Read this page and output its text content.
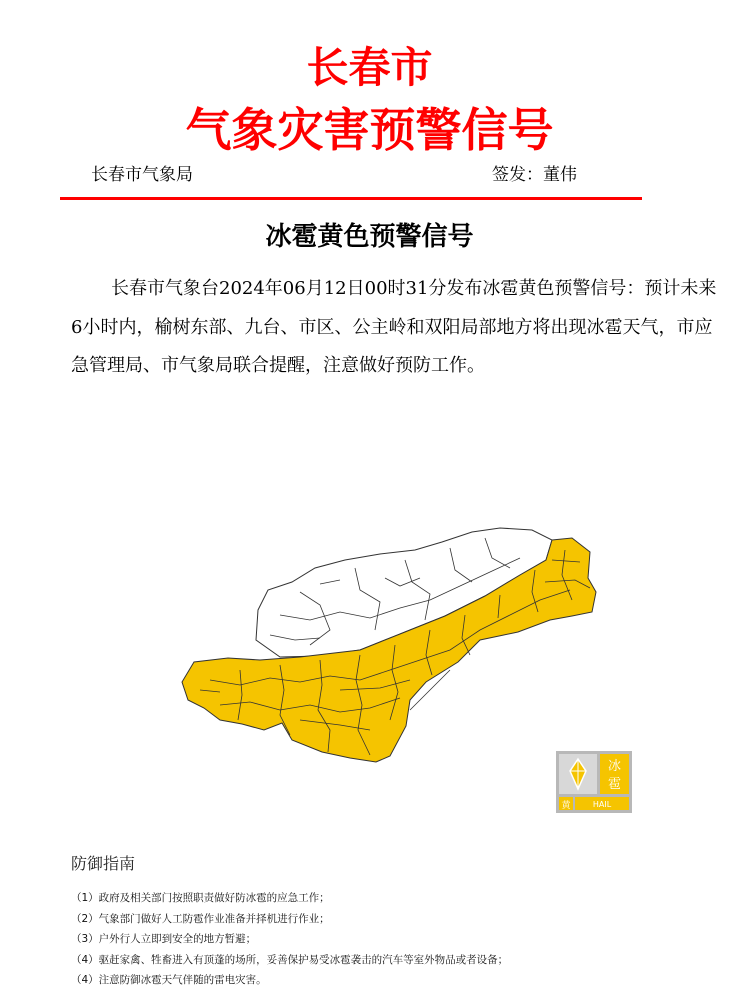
长春市
气象灾害预警信号
长春市气象局	签发：董伟
冰雹黄色预警信号

长春市气象台2024年06月12日00时31分发布冰雹黄色预警信号：预计未来6小时内，榆树东部、九台、市区、公主岭和双阳局部地方将出现冰雹天气，市应急管理局、市气象局联合提醒，注意做好预防工作。

冰
雹
黄	HAIL
防御指南
（1）政府及相关部门按照职责做好防冰雹的应急工作；
（2）气象部门做好人工防雹作业准备并择机进行作业；
（3）户外行人立即到安全的地方暂避；
（4）驱赶家禽、牲畜进入有顶蓬的场所，妥善保护易受冰雹袭击的汽车等室外物品或者设备；
（4）注意防御冰雹天气伴随的雷电灾害。
